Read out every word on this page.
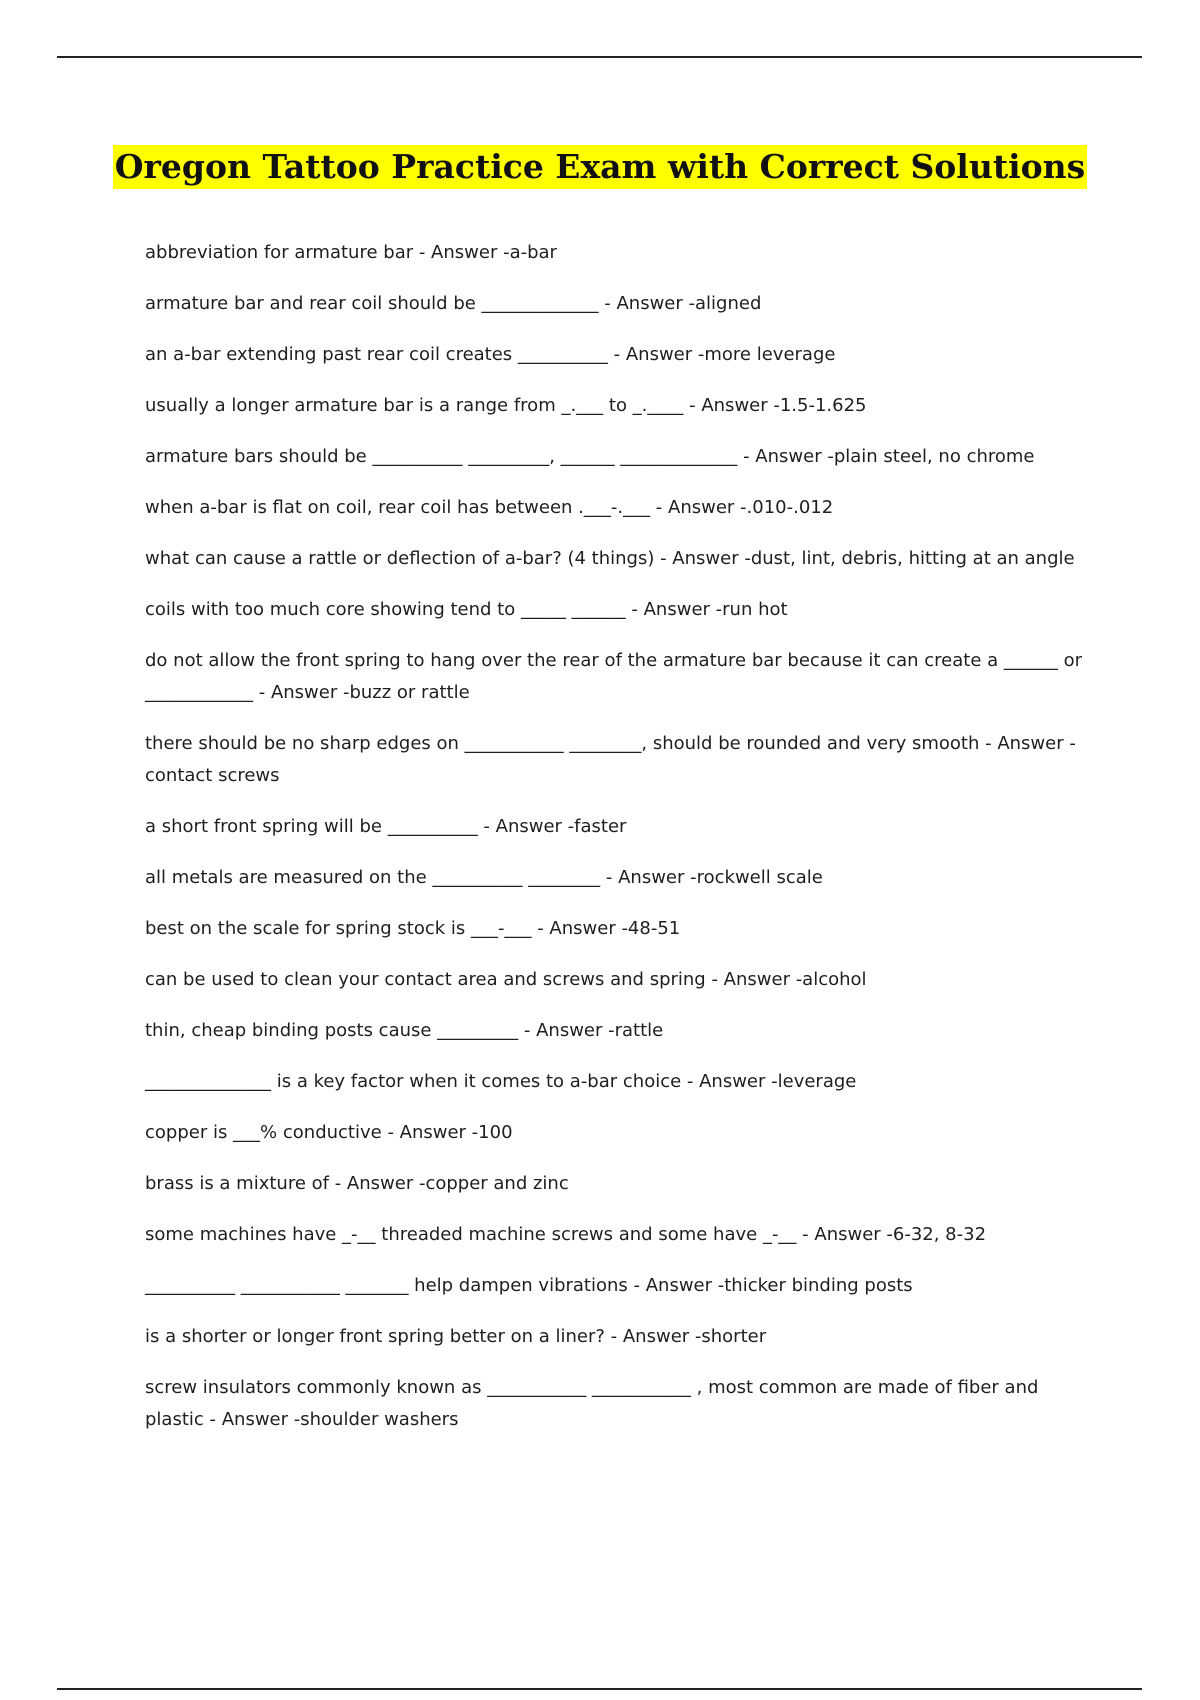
Oregon Tattoo Practice Exam with Correct Solutions

abbreviation for armature bar - Answer -a-bar

armature bar and rear coil should be _____________ - Answer -aligned

an a-bar extending past rear coil creates __________ - Answer -more leverage

usually a longer armature bar is a range from _.___ to _.____ - Answer -1.5-1.625

armature bars should be __________ _________, ______ _____________ - Answer -plain steel, no chrome

when a-bar is flat on coil, rear coil has between .___-.___ - Answer -.010-.012

what can cause a rattle or deflection of a-bar? (4 things) - Answer -dust, lint, debris, hitting at an angle

coils with too much core showing tend to _____ ______ - Answer -run hot

do not allow the front spring to hang over the rear of the armature bar because it can create a ______ or ____________ - Answer -buzz or rattle

there should be no sharp edges on ___________ ________, should be rounded and very smooth - Answer -contact screws

a short front spring will be __________ - Answer -faster

all metals are measured on the __________ ________ - Answer -rockwell scale

best on the scale for spring stock is ___-___ - Answer -48-51

can be used to clean your contact area and screws and spring - Answer -alcohol

thin, cheap binding posts cause _________ - Answer -rattle

______________ is a key factor when it comes to a-bar choice - Answer -leverage

copper is ___% conductive - Answer -100

brass is a mixture of - Answer -copper and zinc

some machines have _-__ threaded machine screws and some have _-__ - Answer -6-32, 8-32

__________ ___________ _______ help dampen vibrations - Answer -thicker binding posts

is a shorter or longer front spring better on a liner? - Answer -shorter

screw insulators commonly known as ___________ ___________ , most common are made of fiber and plastic - Answer -shoulder washers
